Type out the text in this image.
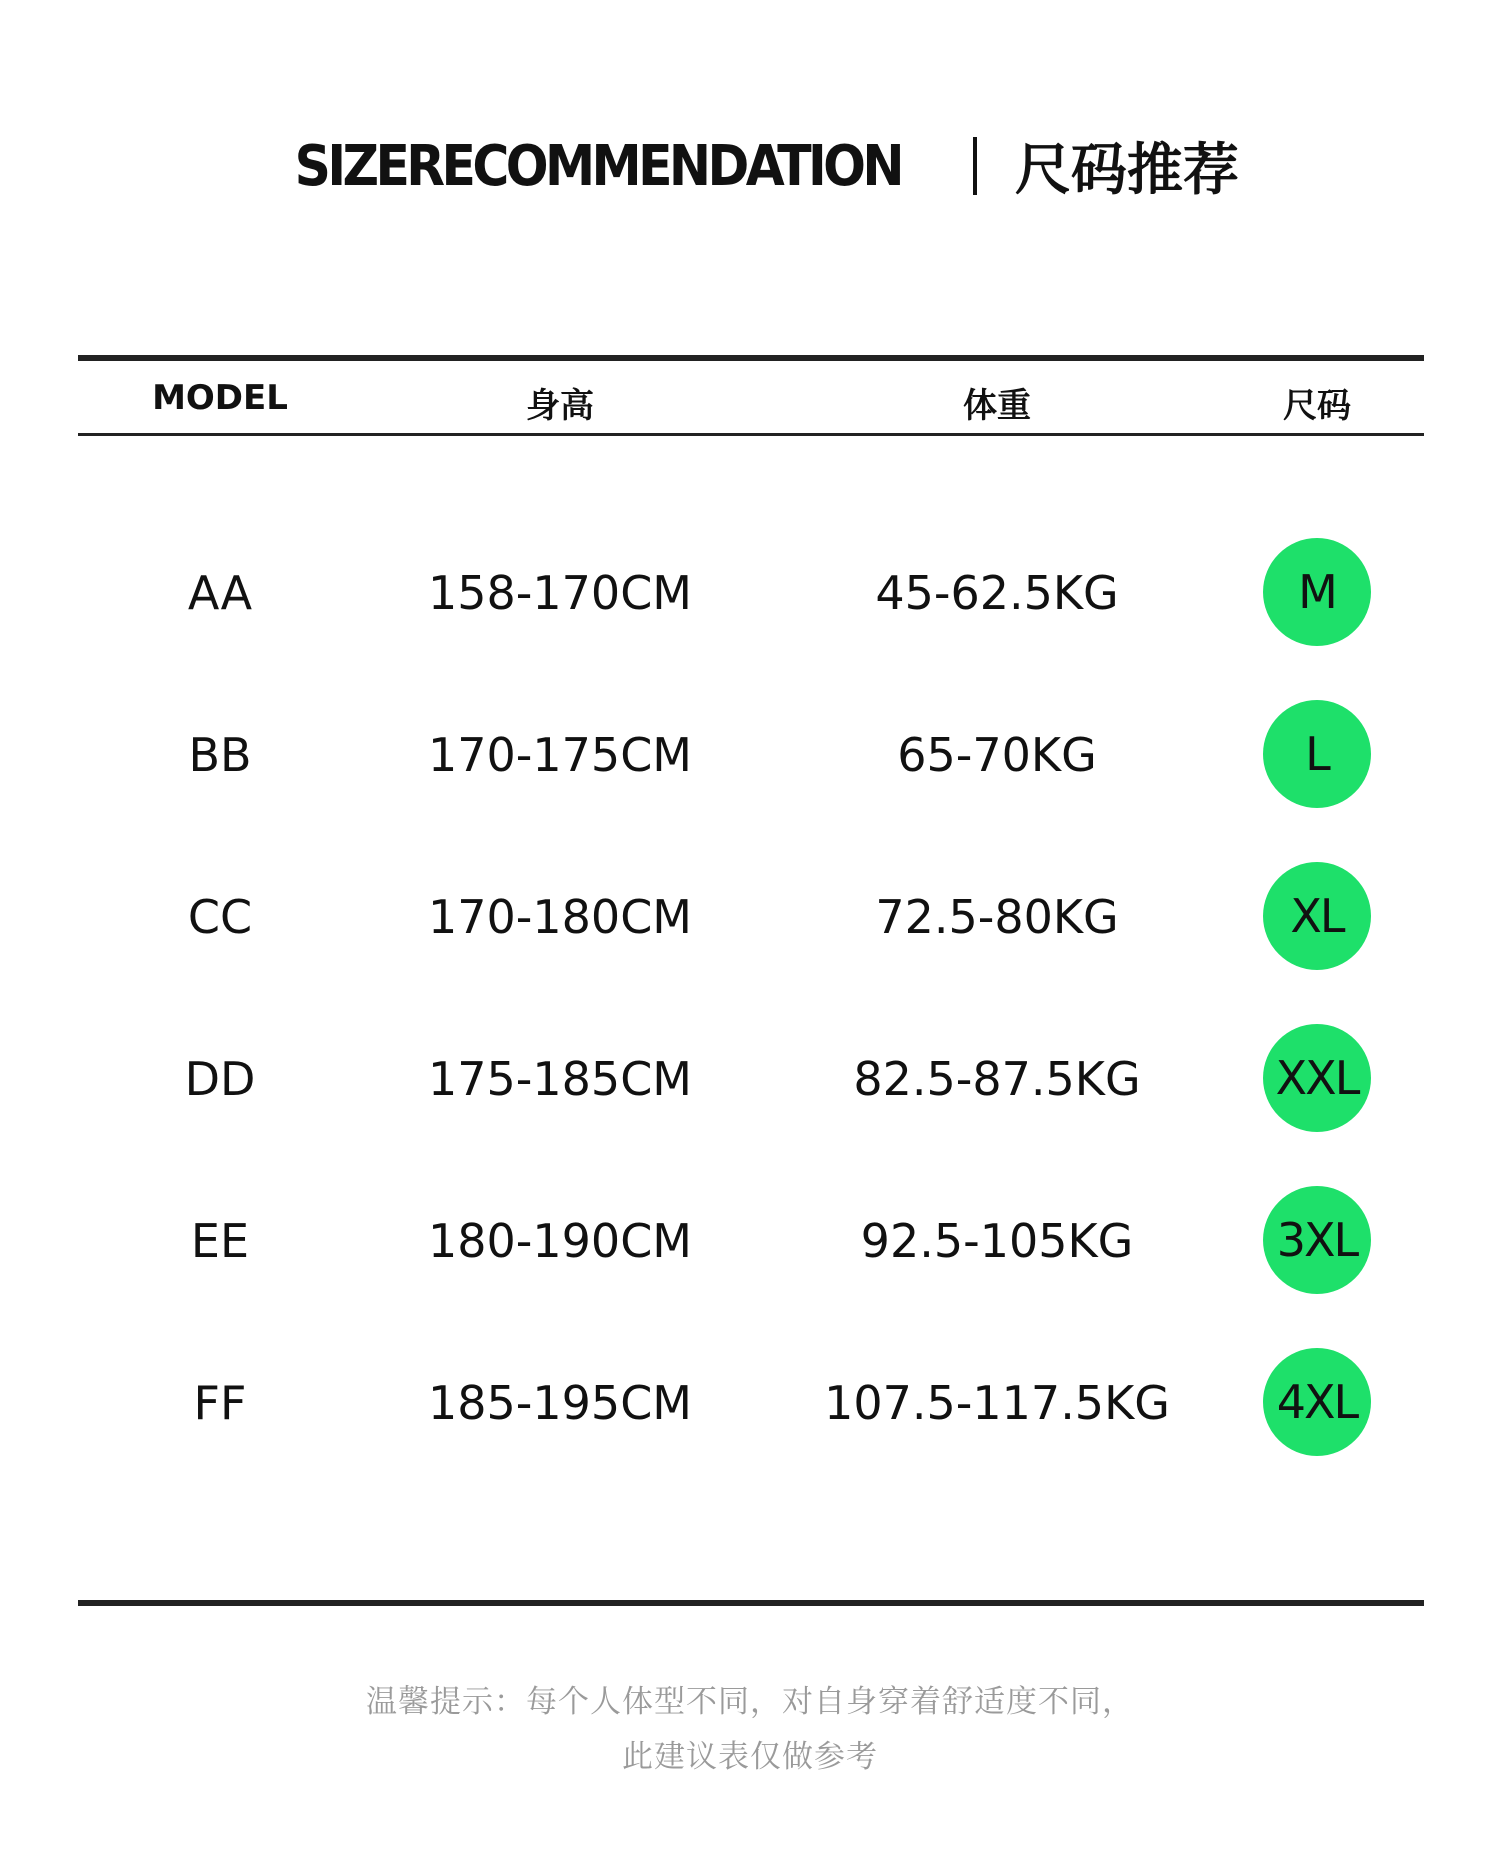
SIZERECOMMENDATION 尺码推荐
MODEL	身高	体重	尺码
AA	158-170CM	45-62.5KG	M
BB	170-175CM	65-70KG	L
CC	170-180CM	72.5-80KG	XL
DD	175-185CM	82.5-87.5KG	XXL
EE	180-190CM	92.5-105KG	3XL
FF	185-195CM	107.5-117.5KG 4XL
温馨提示：每个人体型不同，对自身穿着舒适度不同，
此建议表仅做参考
